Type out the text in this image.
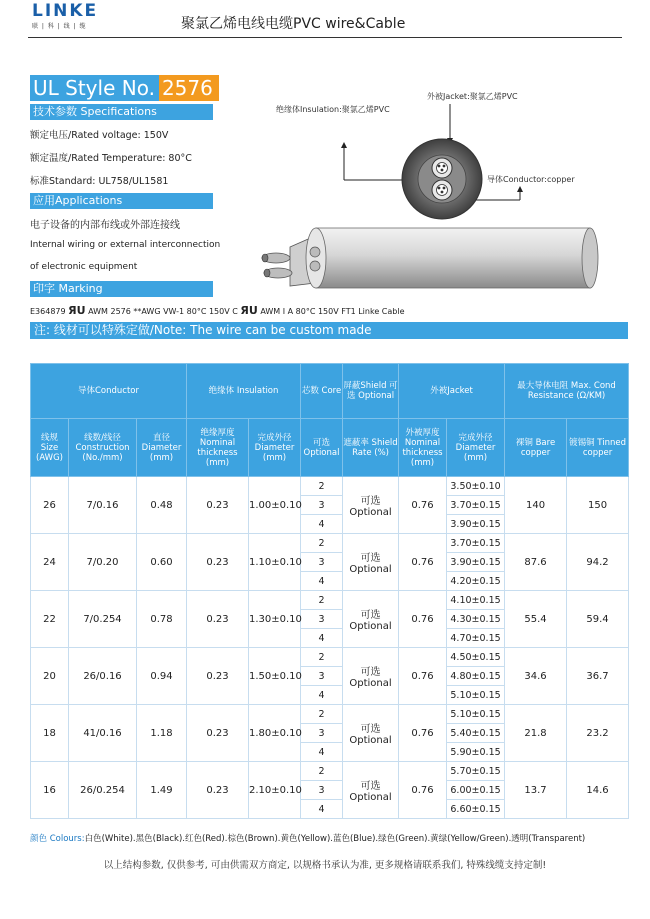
LINKE
联 | 科 | 线 | 缆	聚氯乙烯电线电缆PVC wire&Cable
UL Style No. 2576
技术参数 Specifications
额定电压/Rated voltage: 150V
额定温度/Rated Temperature: 80°C
标准Standard: UL758/UL1581
应用Applications
电子设备的内部布线或外部连接线
Internal wiring or external interconnection
of electronic equipment
印字 Marking
E364879 ЯU AWM 2576 **AWG VW-1 80°C 150V C ЯU AWM I A 80°C 150V FT1 Linke Cable
注: 线材可以特殊定做/Note: The wire can be custom made
外被Jacket:聚氯乙烯PVC
绝缘体Insulation:聚氯乙烯PVC
导体Conductor:copper
导体Conductor			绝缘体 Insulation		芯数 Core	屏蔽Shield 可选 Optional	外被Jacket		最大导体电阻 Max. Cond Resistance (Ω/KM)	
线规 Size (AWG)	线数/线径 Construction (No./mm)	直径 Diameter (mm)	绝缘厚度 Nominal thickness (mm)	完成外径 Diameter (mm)	可选 Optional	遮蔽率 Shield Rate (%)	外被厚度 Nominal thickness (mm)	完成外径 Diameter (mm)	裸铜 Bare copper	镀锡铜 Tinned copper
26	7/0.16	0.48	0.23	1.00±0.10	2	可选 Optional	0.76	3.50±0.10	140	150
					3			3.70±0.15		
					4			3.90±0.15		
24	7/0.20	0.60	0.23	1.10±0.10	2	可选 Optional	0.76	3.70±0.15	87.6	94.2
					3			3.90±0.15		
					4			4.20±0.15		
22	7/0.254	0.78	0.23	1.30±0.10	2	可选 Optional	0.76	4.10±0.15	55.4	59.4
					3			4.30±0.15		
					4			4.70±0.15		
20	26/0.16	0.94	0.23	1.50±0.10	2	可选 Optional	0.76	4.50±0.15	34.6	36.7
					3			4.80±0.15		
					4			5.10±0.15		
18	41/0.16	1.18	0.23	1.80±0.10	2	可选 Optional	0.76	5.10±0.15	21.8	23.2
					3			5.40±0.15		
					4			5.90±0.15		
16	26/0.254	1.49	0.23	2.10±0.10	2	可选 Optional	0.76	5.70±0.15	13.7	14.6
					3			6.00±0.15		
					4			6.60±0.15		
颜色 Colours:白色(White).黑色(Black).红色(Red).棕色(Brown).黄色(Yellow).蓝色(Blue).绿色(Green).黄绿(Yellow/Green).透明(Transparent)
以上结构参数, 仅供参考, 可由供需双方商定, 以规格书承认为准, 更多规格请联系我们, 特殊线缆支持定制!
